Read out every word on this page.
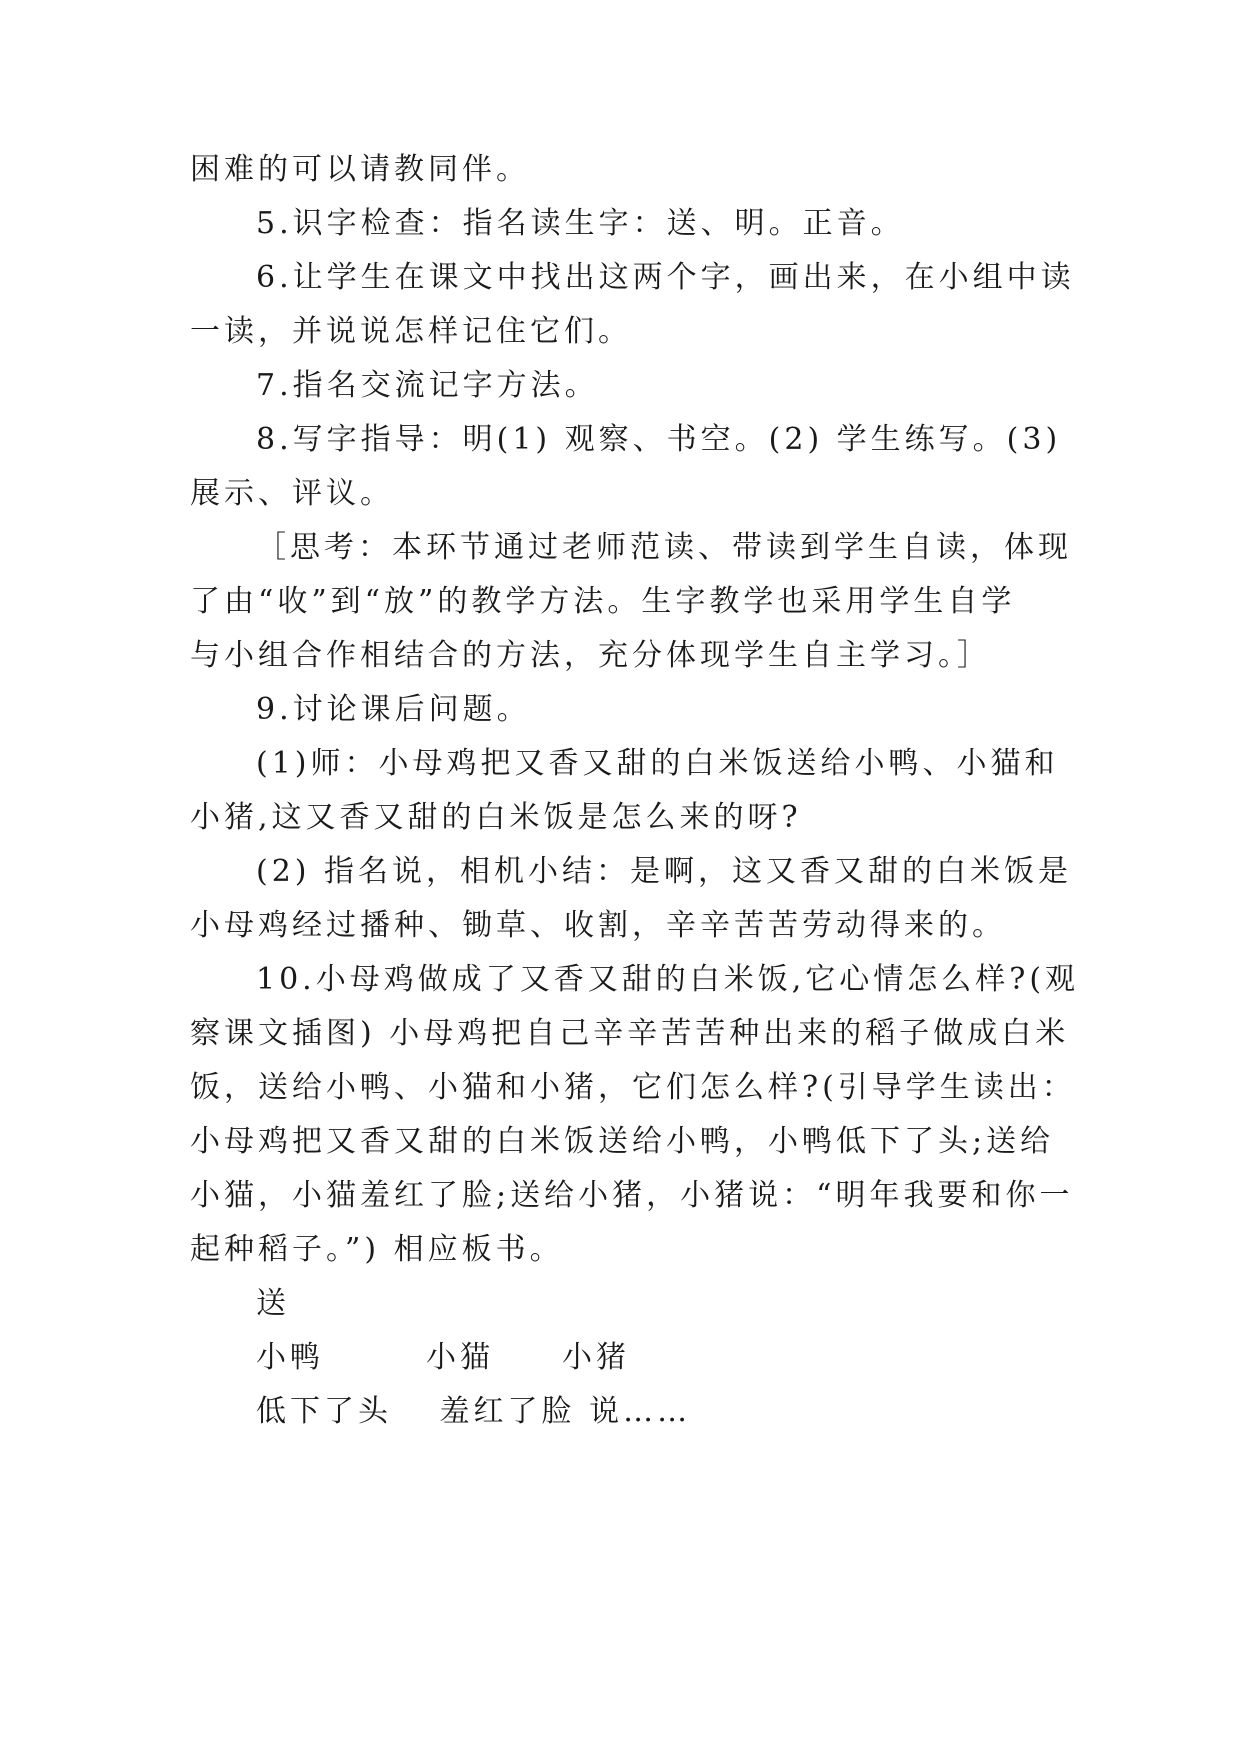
困难的可以请教同伴。
5.识字检查：指名读生字：送、明。正音。
6.让学生在课文中找出这两个字，画出来，在小组中读
一读，并说说怎样记住它们。
7.指名交流记字方法。
8.写字指导：明(1) 观察、书空。(2) 学生练写。(3)
展示、评议。
［思考：本环节通过老师范读、带读到学生自读，体现
了由“收”到“放”的教学方法。生字教学也采用学生自学
与小组合作相结合的方法，充分体现学生自主学习。］
9.讨论课后问题。
(1)师：小母鸡把又香又甜的白米饭送给小鸭、小猫和
小猪,这又香又甜的白米饭是怎么来的呀?
(2) 指名说，相机小结：是啊，这又香又甜的白米饭是
小母鸡经过播种、锄草、收割，辛辛苦苦劳动得来的。
10.小母鸡做成了又香又甜的白米饭,它心情怎么样?(观
察课文插图) 小母鸡把自己辛辛苦苦种出来的稻子做成白米
饭，送给小鸭、小猫和小猪，它们怎么样?(引导学生读出：
小母鸡把又香又甜的白米饭送给小鸭，小鸭低下了头;送给
小猫，小猫羞红了脸;送给小猪，小猪说：“明年我要和你一
起种稻子。”) 相应板书。
送
小鸭　　　小猫　　小猪
低下了头　 羞红了脸 说……
